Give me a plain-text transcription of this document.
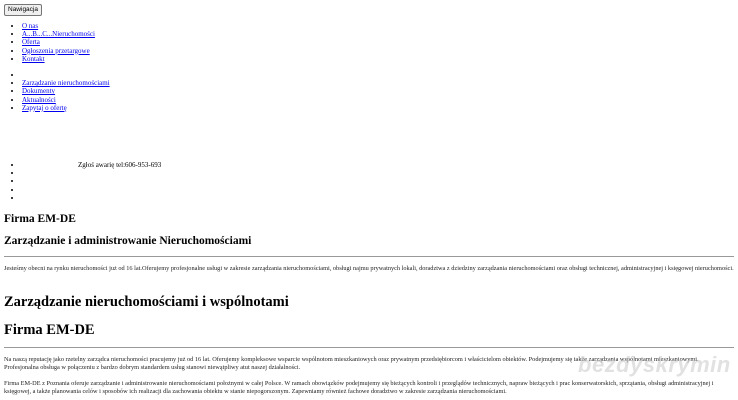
Nawigacja
• O nas
• A...B...C...Nieruchomości
• Oferta
• Ogłoszenia przetargowe
• Kontakt
•
• Zarządzanie nieruchomościami
• Dokumenty
• Aktualności
• Zapytaj o ofertę
• Zgłoś awarię tel:606-953-693
•
•
•
•
Firma EM-DE
Zarządzanie i administrowanie Nieruchomościami

Jesteśmy obecni na rynku nieruchomości już od 16 lat.Oferujemy profesjonalne usługi w zakresie zarządzania nieruchomościami, obsługi najmu prywatnych lokali, doradztwa z dziedziny zarządzania nieruchomościami oraz obsługi technicznej, administracyjnej i księgowej nieruchomości.

Zarządzanie nieruchomościami i wspólnotami
Firma EM-DE

Na naszą reputację jako rzetelny zarządca nieruchomości pracujemy już od 16 lat. Oferujemy kompleksowe wsparcie wspólnotom mieszkaniowych oraz prywatnym przedsiębiorcom i właścicielom obiektów. Podejmujemy się także zarządzania wspólnotami mieszkaniowymi. Profesjonalna obsługa w połączeniu z bardzo dobrym standardem usług stanowi niewątpliwy atut naszej działalności.

Firma EM-DE z Poznania oferuje zarządzanie i administrowanie nieruchomościami położnymi w całej Polsce. W ramach obowiązków podejmujemy się bieżących kontroli i przeglądów technicznych, napraw bieżących i prac konserwatorskich, sprzątania, obsługi administracyjnej i księgowej, a także planowania celów i sposobów ich realizacji dla zachowania obiektu w stanie niepogorszonym. Zapewniamy również fachowe doradztwo w zakresie zarządzania nieruchomościami.

bezdyskrymin
